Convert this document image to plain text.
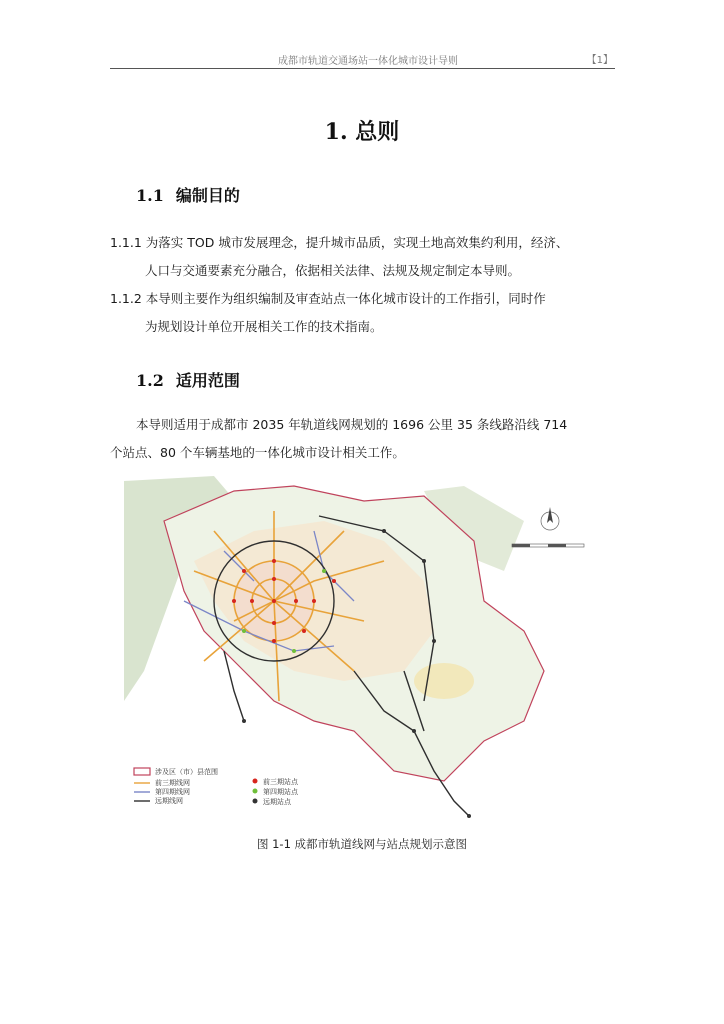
成都市轨道交通场站一体化城市设计导则	【1】
1. 总则
1.1 编制目的
1.1.1 为落实 TOD 城市发展理念，提升城市品质，实现土地高效集约利用，经济、
人口与交通要素充分融合，依据相关法律、法规及规定制定本导则。
1.1.2 本导则主要作为组织编制及审查站点一体化城市设计的工作指引，同时作
为规划设计单位开展相关工作的技术指南。
1.2 适用范围
本导则适用于成都市 2035 年轨道线网规划的 1696 公里 35 条线路沿线 714
个站点、80 个车辆基地的一体化城市设计相关工作。
涉及区（市）县范围
前三期线网
第四期线网
远期线网
前三期站点
第四期站点
远期站点
图 1-1 成都市轨道线网与站点规划示意图
